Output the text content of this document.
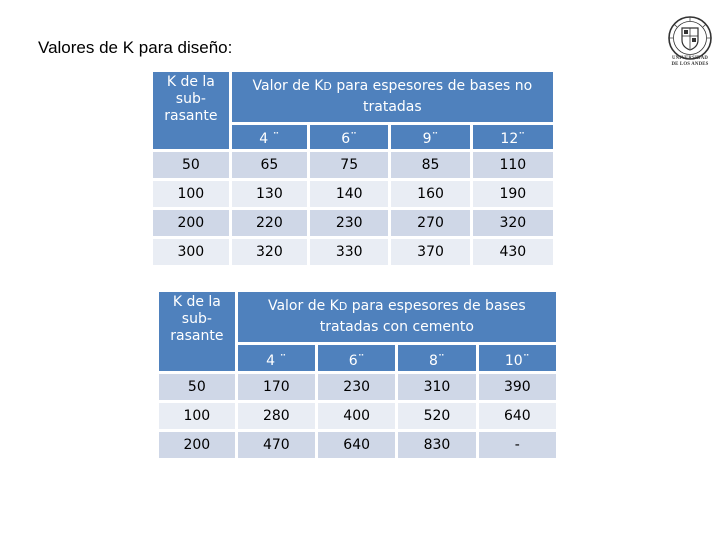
Valores de K para diseño:
UNIVERSIDAD
DE LOS ANDES
K de la sub-rasante	Valor de KD para espesores de bases no tratadas			
	4 ¨	6¨	9¨	12¨
50	65	75	85	110
100	130	140	160	190
200	220	230	270	320
300	320	330	370	430
K de la sub-rasante	Valor de KD para espesores de bases tratadas con cemento			
	4 ¨	6¨	8¨	10¨
50	170	230	310	390
100	280	400	520	640
200	470	640	830	-
